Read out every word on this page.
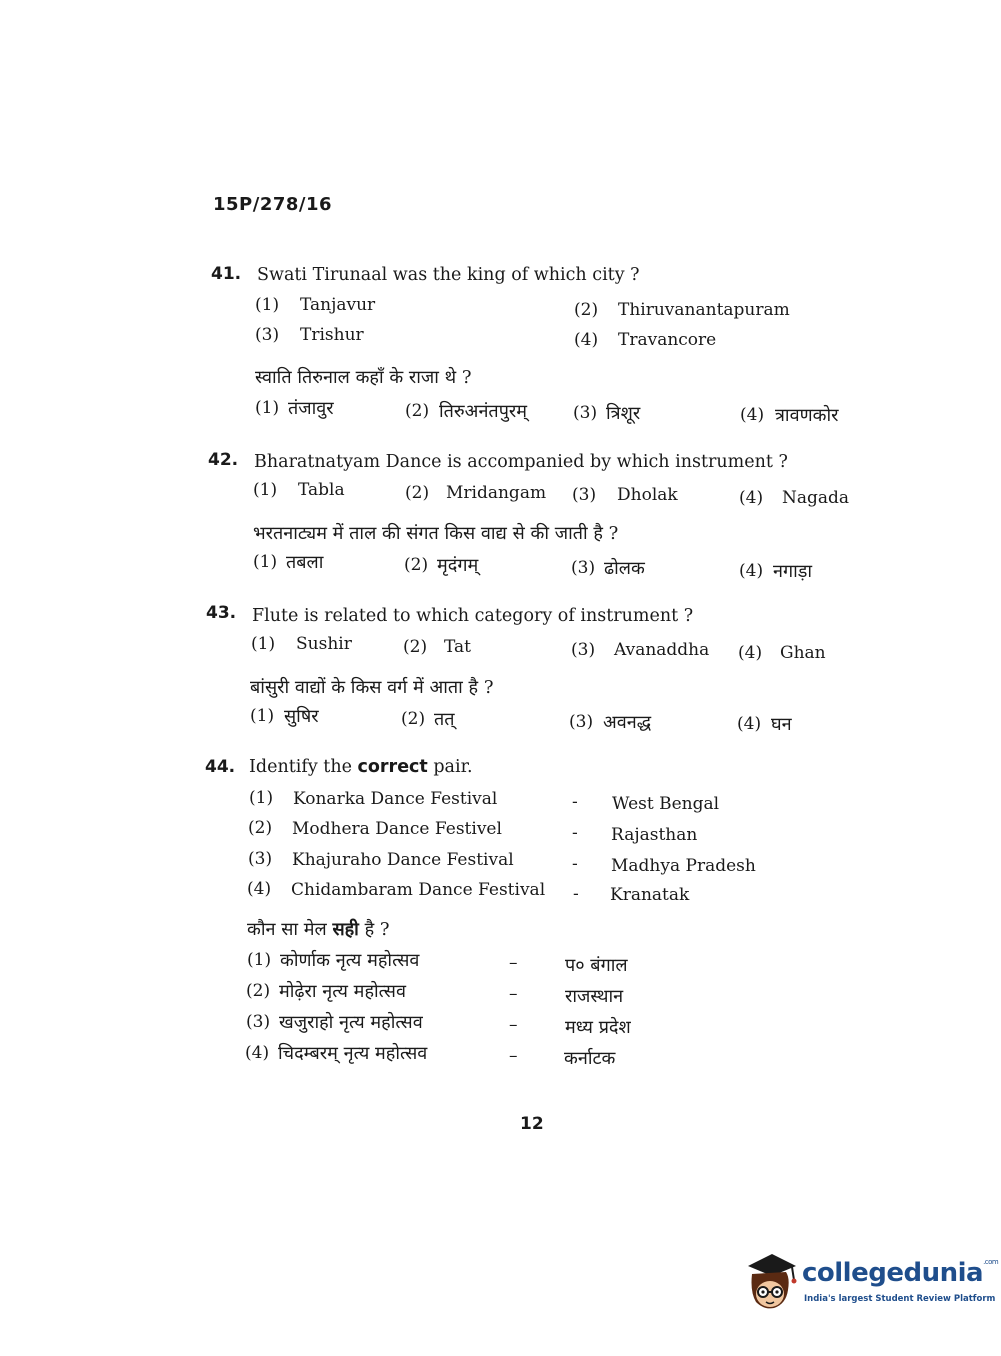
15P/278/16
41. Swati Tirunaal was the king of which city ?
(1) Tanjavur	(2) Thiruvanantapuram
(3) Trishur	(4) Travancore
स्वाति तिरुनाल कहाँ के राजा थे ?
(1) तंजावुर	(2) तिरुअनंतपुरम्	(3) त्रिशूर	(4) त्रावणकोर
42. Bharatnatyam Dance is accompanied by which instrument ?
(1) Tabla	(2) Mridangam (3) Dholak	(4) Nagada
भरतनाट्यम में ताल की संगत किस वाद्य से की जाती है ?
(1) तबला	(2) मृदंगम्	(3) ढोलक	(4) नगाड़ा
43. Flute is related to which category of instrument ?
(1) Sushir	(2) Tat	(3) Avanaddha (4) Ghan
बांसुरी वाद्यों के किस वर्ग में आता है ?
(1) सुषिर	(2) तत्	(3) अवनद्ध	(4) घन
44. Identify the correct pair.
(1) Konarka Dance Festival	- West Bengal
(2) Modhera Dance Festivel	- Rajasthan
(3) Khajuraho Dance Festival	- Madhya Pradesh
(4) Chidambaram Dance Festival - Kranatak
कौन सा मेल सही है ?
(1) कोर्णाक नृत्य महोत्सव	–	प० बंगाल
(2) मोढ़ेरा नृत्य महोत्सव	–	राजस्थान
(3) खजुराहो नृत्य महोत्सव	–	मध्य प्रदेश
(4) चिदम्बरम् नृत्य महोत्सव	–	कर्नाटक
12
collegedunia$^{.com}$
India's largest Student Review Platform
